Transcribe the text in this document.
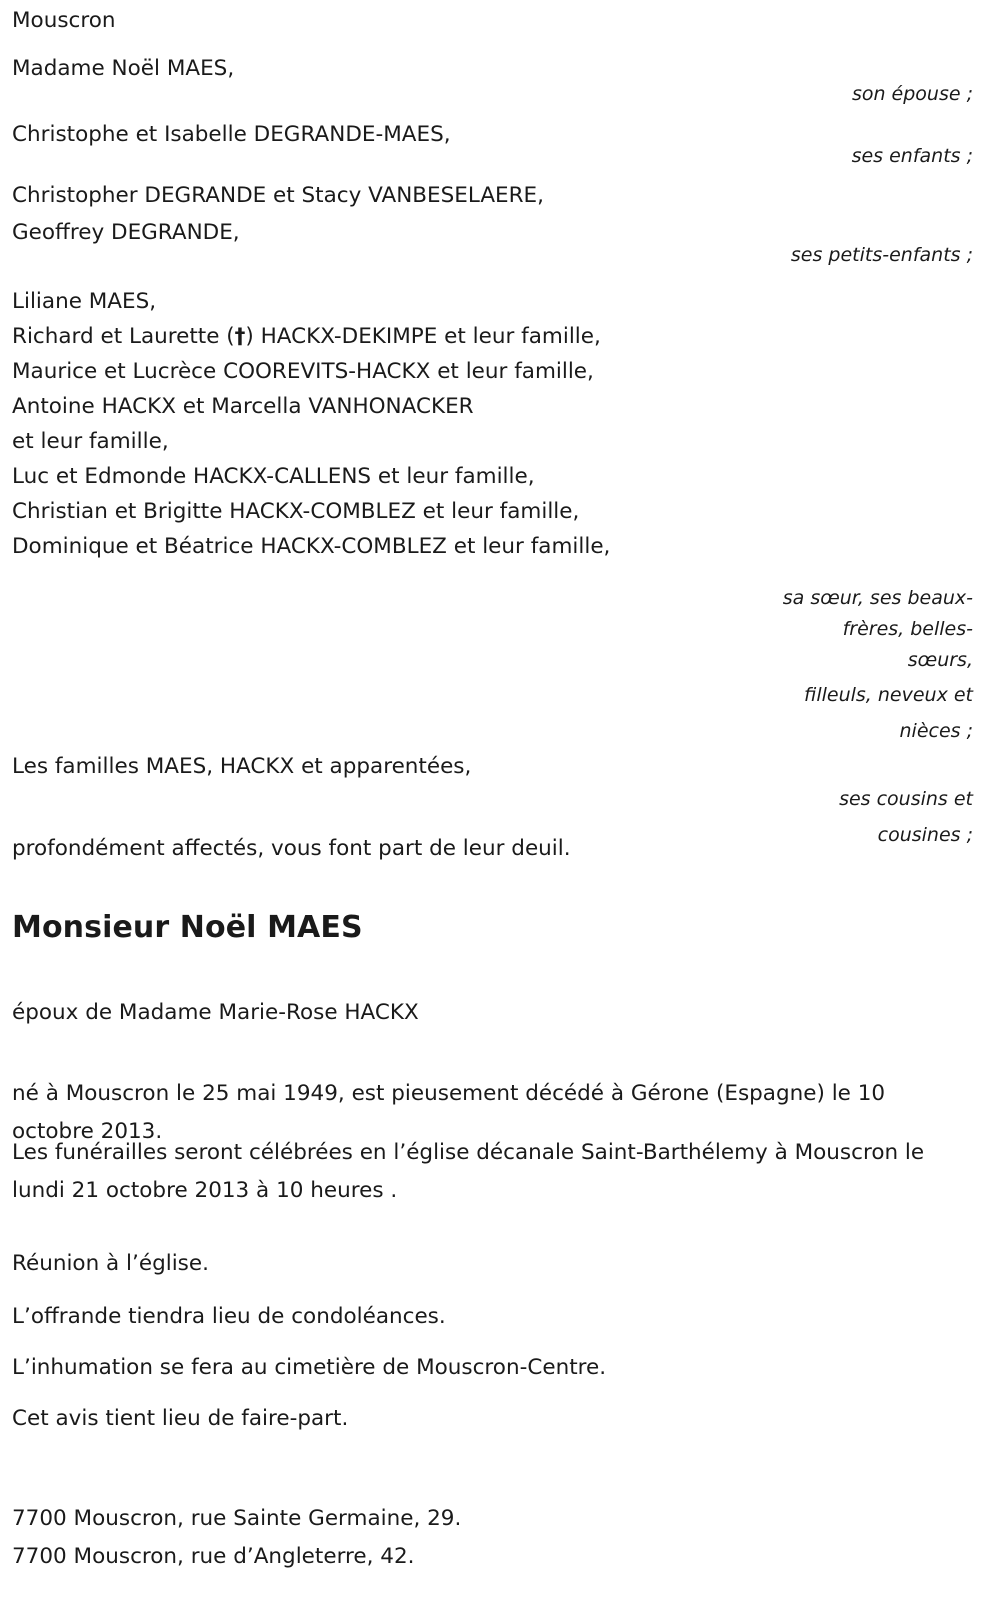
Mouscron
Madame Noël MAES,
son épouse ;
Christophe et Isabelle DEGRANDE-MAES,
ses enfants ;
Christopher DEGRANDE et Stacy VANBESELAERE,
Geoffrey DEGRANDE,
ses petits-enfants ;
Liliane MAES,
Richard et Laurette (†) HACKX-DEKIMPE et leur famille,
Maurice et Lucrèce COOREVITS-HACKX et leur famille,
Antoine HACKX et Marcella VANHONACKER
et leur famille,
Luc et Edmonde HACKX-CALLENS et leur famille,
Christian et Brigitte HACKX-COMBLEZ et leur famille,
Dominique et Béatrice HACKX-COMBLEZ et leur famille,
sa sœur, ses beaux-
frères, belles-
sœurs,
filleuls, neveux et
nièces ;
Les familles MAES, HACKX et apparentées,
ses cousins et
cousines ;
profondément affectés, vous font part de leur deuil.
Monsieur Noël MAES
époux de Madame Marie-Rose HACKX
né à Mouscron le 25 mai 1949, est pieusement décédé à Gérone (Espagne) le 10 octobre 2013.
Les funérailles seront célébrées en l’église décanale Saint-Barthélemy à Mouscron le lundi 21 octobre 2013 à 10 heures .
Réunion à l’église.
L’offrande tiendra lieu de condoléances.
L’inhumation se fera au cimetière de Mouscron-Centre.
Cet avis tient lieu de faire-part.
7700 Mouscron, rue Sainte Germaine, 29.
7700 Mouscron, rue d’Angleterre, 42.
